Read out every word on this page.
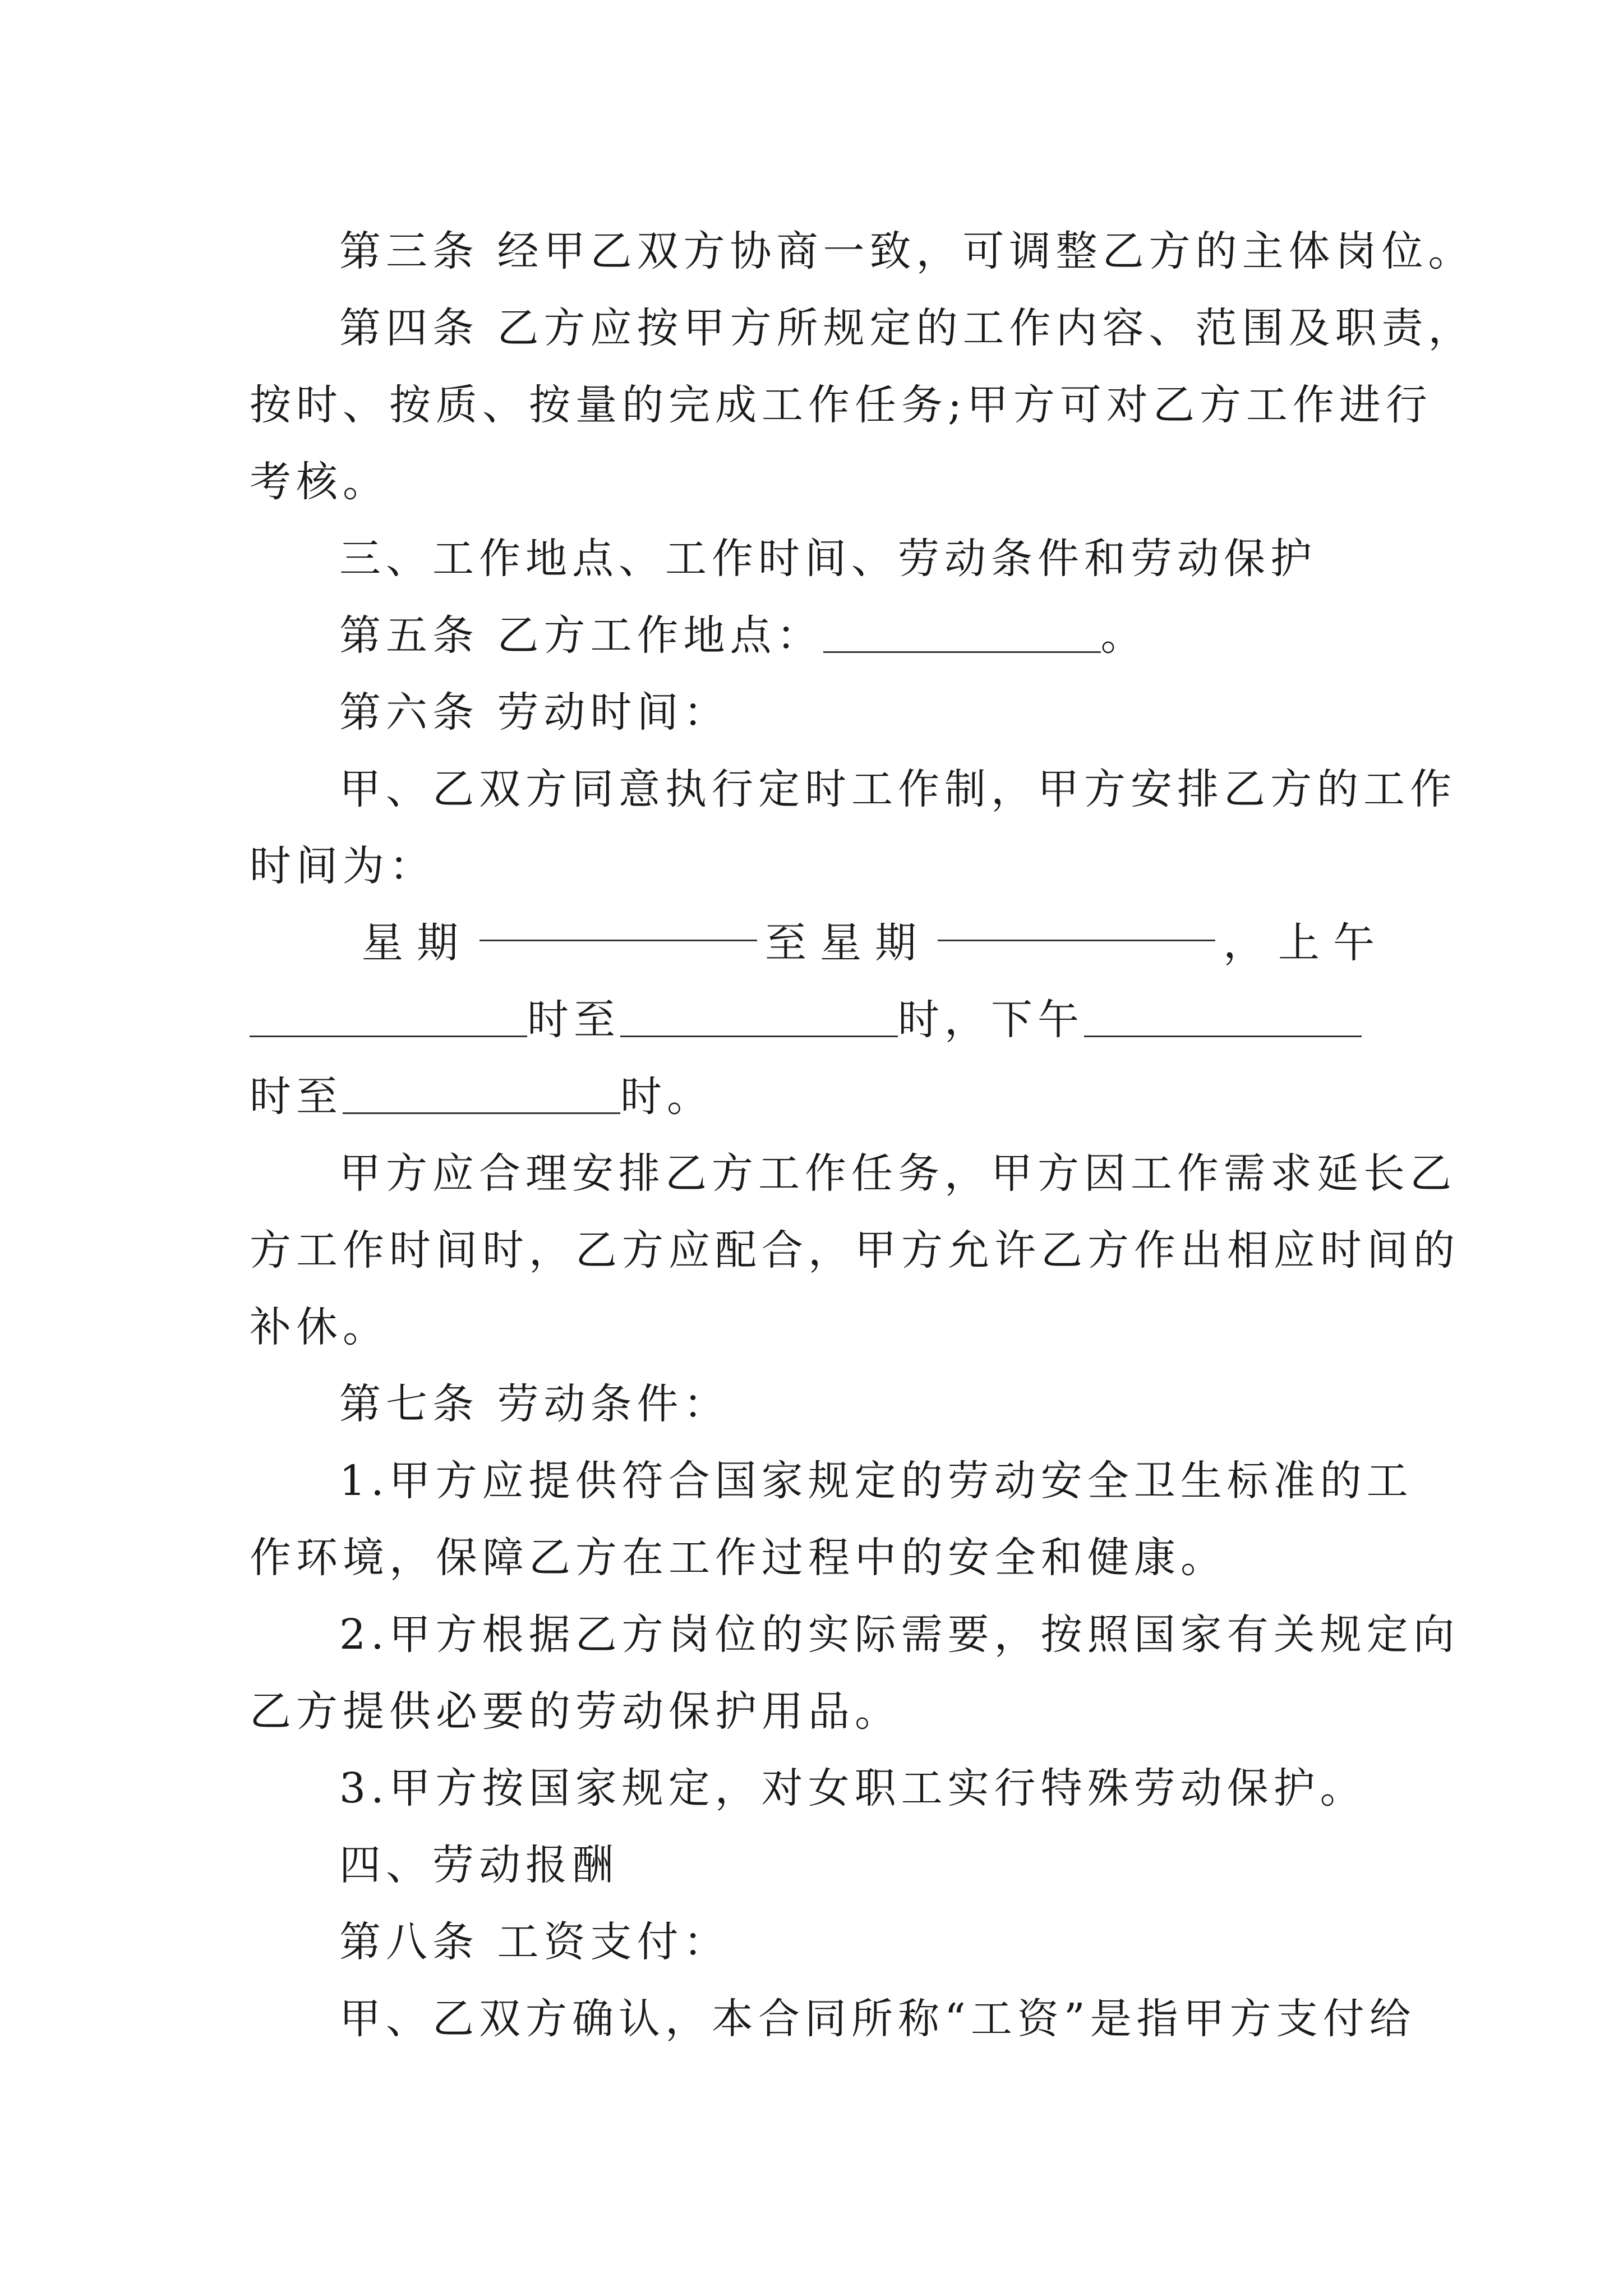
第三条 经甲乙双方协商一致，可调整乙方的主体岗位。
第四条 乙方应按甲方所规定的工作内容、范围及职责，
按时、按质、按量的完成工作任务;甲方可对乙方工作进行
考核。
三、工作地点、工作时间、劳动条件和劳动保护
第五条 乙方工作地点：	。
第六条 劳动时间：
甲、乙双方同意执行定时工作制，甲方安排乙方的工作
时间为：
星期	至星期	，上午
时至	时，下午
时至	时。
甲方应合理安排乙方工作任务，甲方因工作需求延长乙
方工作时间时，乙方应配合，甲方允许乙方作出相应时间的
补休。
第七条 劳动条件：
1.甲方应提供符合国家规定的劳动安全卫生标准的工
作环境，保障乙方在工作过程中的安全和健康。
2.甲方根据乙方岗位的实际需要，按照国家有关规定向
乙方提供必要的劳动保护用品。
3.甲方按国家规定，对女职工实行特殊劳动保护。
四、劳动报酬
第八条 工资支付：
甲、乙双方确认，本合同所称“工资”是指甲方支付给
